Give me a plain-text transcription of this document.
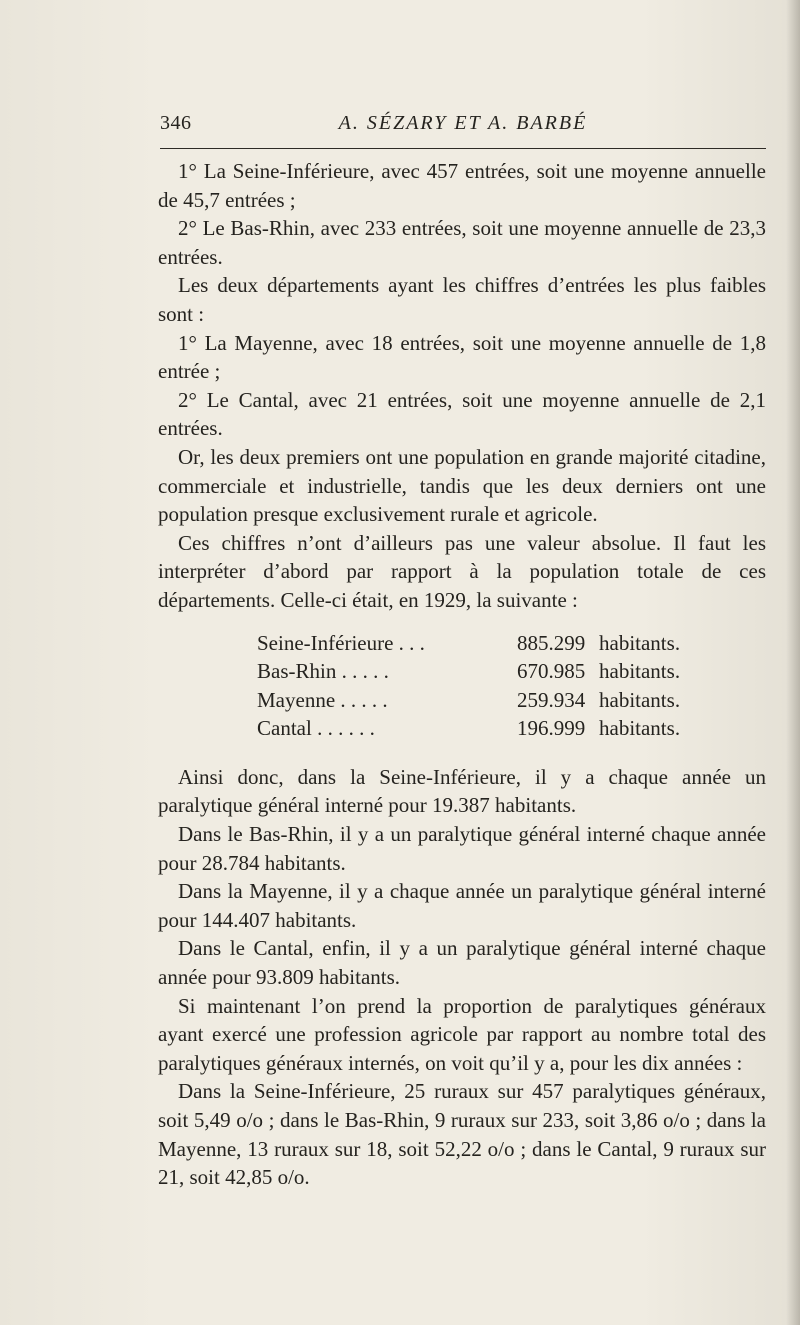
346	A. SÉZARY ET A. BARBÉ

1° La Seine-Inférieure, avec 457 entrées, soit une moyenne annuelle de 45,7 entrées ;

2° Le Bas-Rhin, avec 233 entrées, soit une moyenne annuelle de 23,3 entrées.

Les deux départements ayant les chiffres d’entrées les plus faibles sont :

1° La Mayenne, avec 18 entrées, soit une moyenne annuelle de 1,8 entrée ;

2° Le Cantal, avec 21 entrées, soit une moyenne annuelle de 2,1 entrées.

Or, les deux premiers ont une population en grande majorité citadine, commerciale et industrielle, tandis que les deux derniers ont une population presque exclusivement rurale et agricole.

Ces chiffres n’ont d’ailleurs pas une valeur absolue. Il faut les interpréter d’abord par rapport à la population totale de ces départements. Celle-ci était, en 1929, la suivante :

Seine-Inférieure . . .	885.299	habitants.
Bas-Rhin . . . . .	670.985	habitants.
Mayenne . . . . .	259.934	habitants.
Cantal . . . . . .	196.999	habitants.

Ainsi donc, dans la Seine-Inférieure, il y a chaque année un paralytique général interné pour 19.387 habitants.

Dans le Bas-Rhin, il y a un paralytique général interné chaque année pour 28.784 habitants.

Dans la Mayenne, il y a chaque année un paralytique général interné pour 144.407 habitants.

Dans le Cantal, enfin, il y a un paralytique général interné chaque année pour 93.809 habitants.

Si maintenant l’on prend la proportion de paralytiques généraux ayant exercé une profession agricole par rapport au nombre total des paralytiques généraux internés, on voit qu’il y a, pour les dix années :

Dans la Seine-Inférieure, 25 ruraux sur 457 paralytiques généraux, soit 5,49 o/o ; dans le Bas-Rhin, 9 ruraux sur 233, soit 3,86 o/o ; dans la Mayenne, 13 ruraux sur 18, soit 52,22 o/o ; dans le Cantal, 9 ruraux sur 21, soit 42,85 o/o.
